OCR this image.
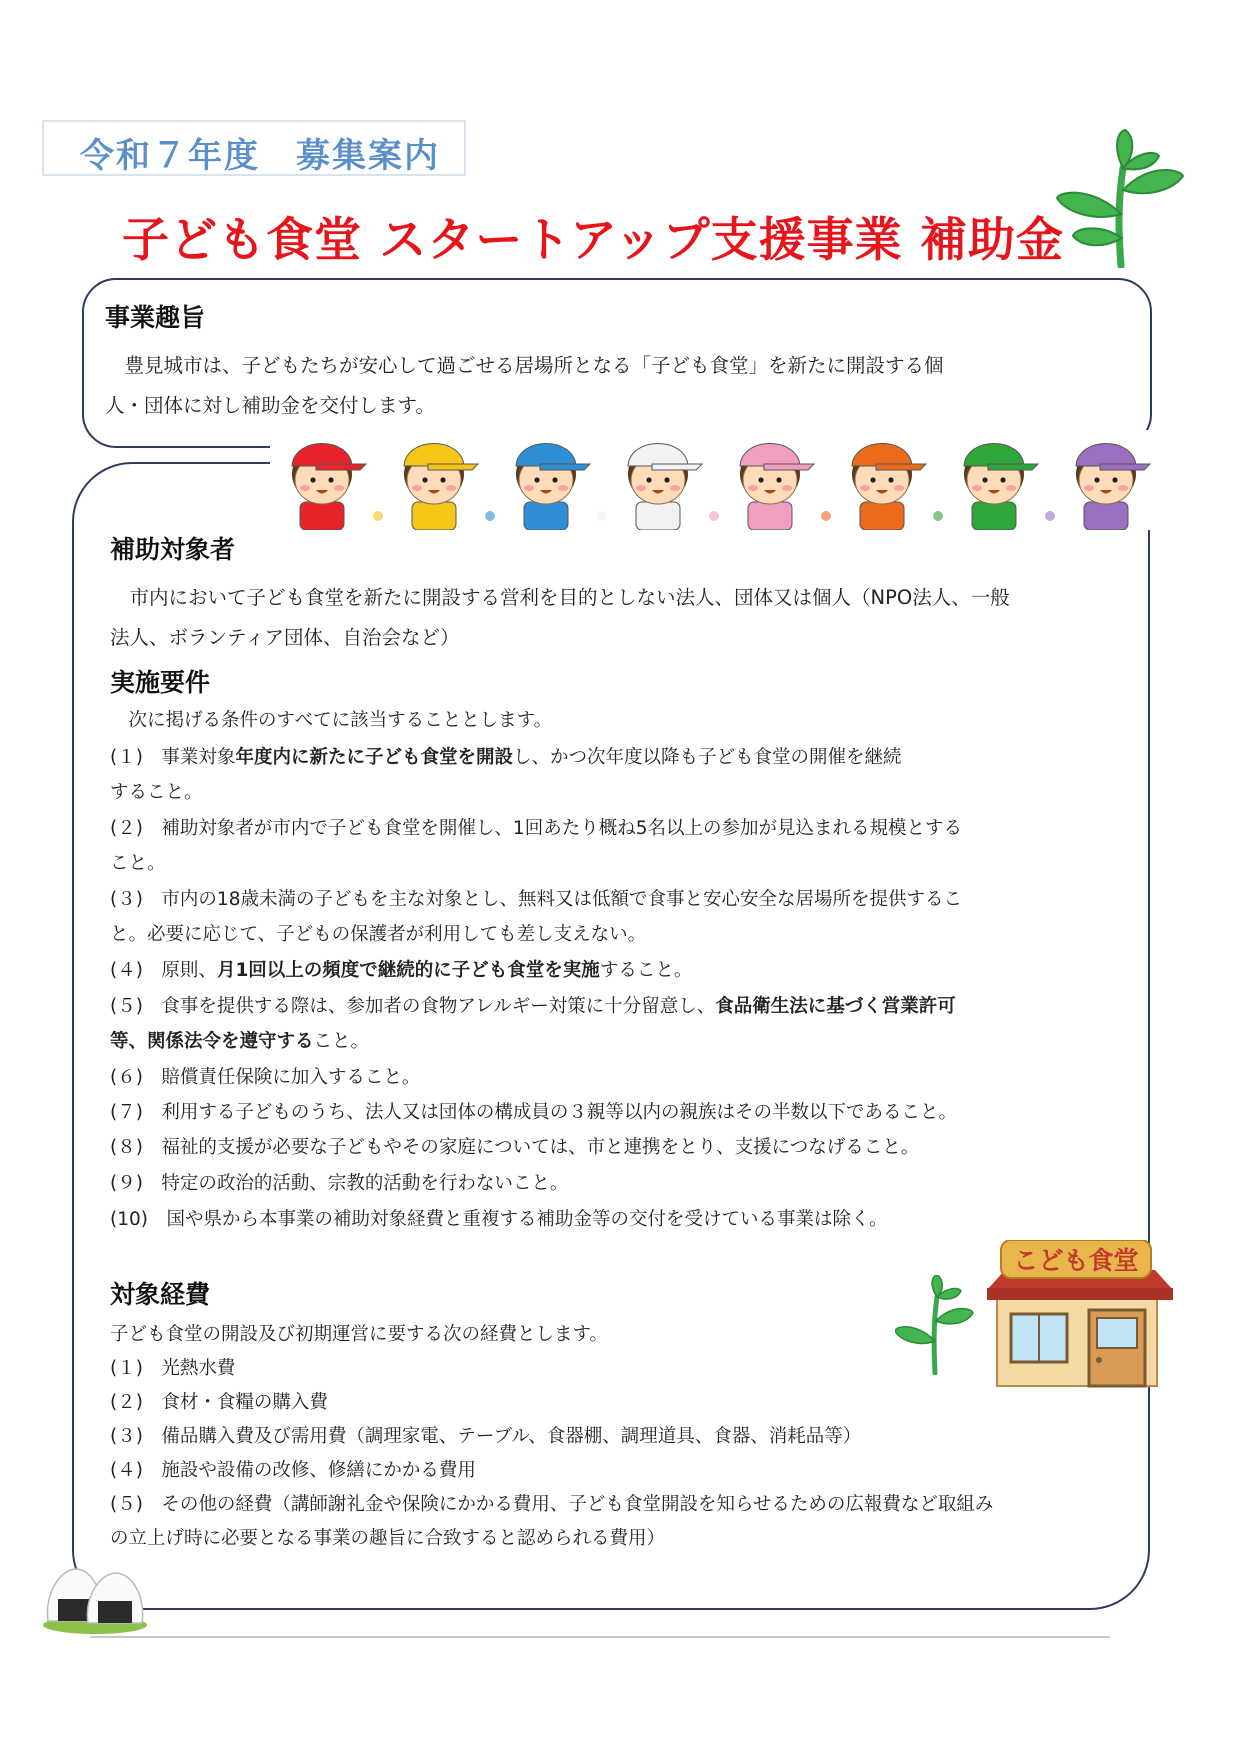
令和７年度　募集案内
子ども食堂 スタートアップ支援事業 補助金
事業趣旨
　豊見城市は、子どもたちが安心して過ごせる居場所となる「子ども食堂」を新たに開設する個
人・団体に対し補助金を交付します。
補助対象者
　市内において子ども食堂を新たに開設する営利を目的としない法人、団体又は個人（NPO法人、一般
法人、ボランティア団体、自治会など）
実施要件
　次に掲げる条件のすべてに該当することとします。
(１)　事業対象年度内に新たに子ども食堂を開設し、かつ次年度以降も子ども食堂の開催を継続
すること。
(２)　補助対象者が市内で子ども食堂を開催し、1回あたり概ね5名以上の参加が見込まれる規模とする
こと。
(３)　市内の18歳未満の子どもを主な対象とし、無料又は低額で食事と安心安全な居場所を提供するこ
と。必要に応じて、子どもの保護者が利用しても差し支えない。
(４)　原則、月1回以上の頻度で継続的に子ども食堂を実施すること。
(５)　食事を提供する際は、参加者の食物アレルギー対策に十分留意し、食品衛生法に基づく営業許可
等、関係法令を遵守すること。
(６)　賠償責任保険に加入すること。
(７)　利用する子どものうち、法人又は団体の構成員の３親等以内の親族はその半数以下であること。
(８)　福祉的支援が必要な子どもやその家庭については、市と連携をとり、支援につなげること。
(９)　特定の政治的活動、宗教的活動を行わないこと。
(10)　国や県から本事業の補助対象経費と重複する補助金等の交付を受けている事業は除く。
対象経費
子ども食堂の開設及び初期運営に要する次の経費とします。
(１)　光熱水費
(２)　食材・食糧の購入費
(３)　備品購入費及び需用費（調理家電、テーブル、食器棚、調理道具、食器、消耗品等）
(４)　施設や設備の改修、修繕にかかる費用
(５)　その他の経費（講師謝礼金や保険にかかる費用、子ども食堂開設を知らせるための広報費など取組み
の立上げ時に必要となる事業の趣旨に合致すると認められる費用）
こども食堂
